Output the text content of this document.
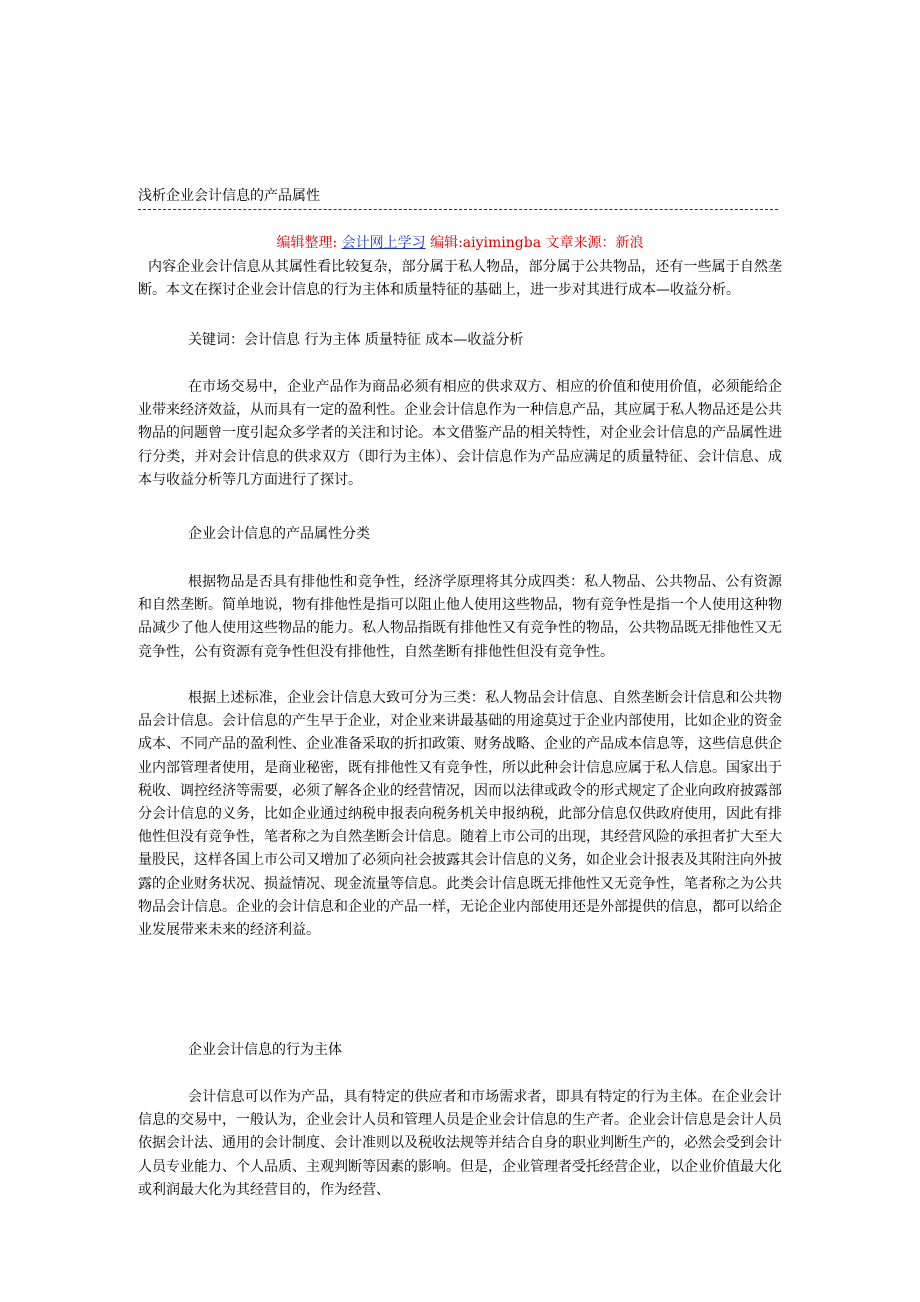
浅析企业会计信息的产品属性
编辑整理: 会计网上学习 编辑:aiyimingba 文章来源：新浪
内容企业会计信息从其属性看比较复杂，部分属于私人物品，部分属于公共物品，还有一些属于自然垄断。本文在探讨企业会计信息的行为主体和质量特征的基础上，进一步对其进行成本—收益分析。
关键词：会计信息 行为主体 质量特征 成本—收益分析
在市场交易中，企业产品作为商品必须有相应的供求双方、相应的价值和使用价值，必须能给企业带来经济效益，从而具有一定的盈利性。企业会计信息作为一种信息产品，其应属于私人物品还是公共物品的问题曾一度引起众多学者的关注和讨论。本文借鉴产品的相关特性，对企业会计信息的产品属性进行分类，并对会计信息的供求双方（即行为主体）、会计信息作为产品应满足的质量特征、会计信息、成本与收益分析等几方面进行了探讨。
企业会计信息的产品属性分类
根据物品是否具有排他性和竞争性，经济学原理将其分成四类：私人物品、公共物品、公有资源和自然垄断。简单地说，物有排他性是指可以阻止他人使用这些物品，物有竞争性是指一个人使用这种物品减少了他人使用这些物品的能力。私人物品指既有排他性又有竞争性的物品，公共物品既无排他性又无竞争性，公有资源有竞争性但没有排他性，自然垄断有排他性但没有竞争性。
根据上述标准，企业会计信息大致可分为三类：私人物品会计信息、自然垄断会计信息和公共物品会计信息。会计信息的产生早于企业，对企业来讲最基础的用途莫过于企业内部使用，比如企业的资金成本、不同产品的盈利性、企业准备采取的折扣政策、财务战略、企业的产品成本信息等，这些信息供企业内部管理者使用，是商业秘密，既有排他性又有竞争性，所以此种会计信息应属于私人信息。国家出于税收、调控经济等需要，必须了解各企业的经营情况，因而以法律或政令的形式规定了企业向政府披露部分会计信息的义务，比如企业通过纳税申报表向税务机关申报纳税，此部分信息仅供政府使用，因此有排他性但没有竞争性，笔者称之为自然垄断会计信息。随着上市公司的出现，其经营风险的承担者扩大至大量股民，这样各国上市公司又增加了必须向社会披露其会计信息的义务，如企业会计报表及其附注向外披露的企业财务状况、损益情况、现金流量等信息。此类会计信息既无排他性又无竞争性，笔者称之为公共物品会计信息。企业的会计信息和企业的产品一样，无论企业内部使用还是外部提供的信息，都可以给企业发展带来未来的经济利益。
企业会计信息的行为主体
会计信息可以作为产品，具有特定的供应者和市场需求者，即具有特定的行为主体。在企业会计信息的交易中，一般认为，企业会计人员和管理人员是企业会计信息的生产者。企业会计信息是会计人员依据会计法、通用的会计制度、会计准则以及税收法规等并结合自身的职业判断生产的，必然会受到会计人员专业能力、个人品质、主观判断等因素的影响。但是，企业管理者受托经营企业，以企业价值最大化或利润最大化为其经营目的，作为经营、
